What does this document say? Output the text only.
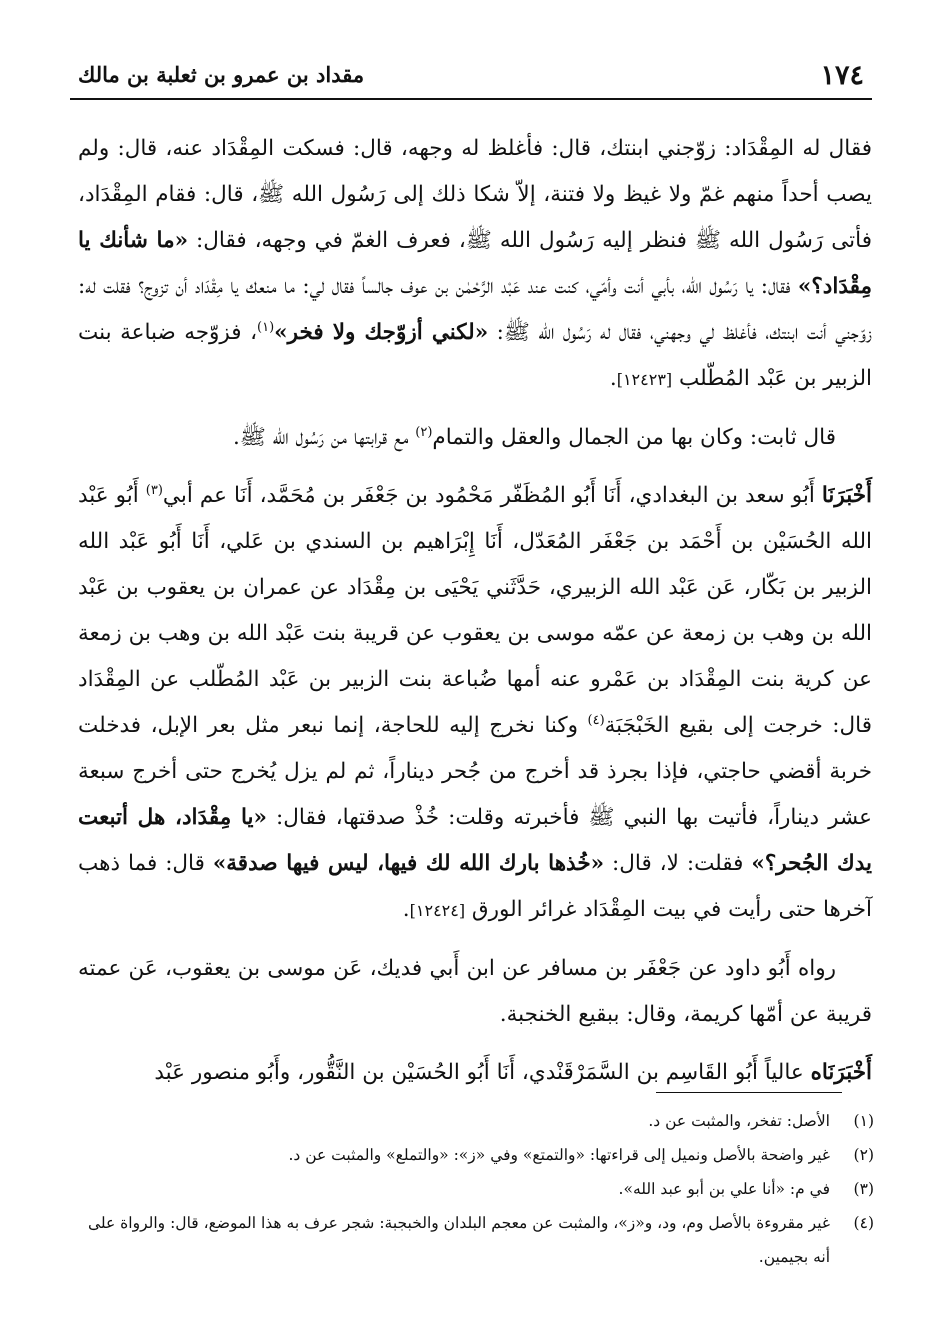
١٧٤
مقداد بن عمرو بن ثعلبة بن مالك

فقال له المِقْدَاد: زوّجني ابنتك، قال: فأغلظ له وجهه، قال: فسكت المِقْدَاد عنه، قال: ولم يصب أحداً منهم غمّ ولا غيظ ولا فتنة، إلاّ شكا ذلك إلى رَسُول الله ﷺ، قال: فقام المِقْدَاد، فأتى رَسُول الله ﷺ فنظر إليه رَسُول الله ﷺ، فعرف الغمّ في وجهه، فقال: «ما شأنك يا مِقْدَاد؟» فقال: يا رَسُول الله، بأبي أنت وأمّي، كنت عند عَبْد الرَّحْمٰن بن عوف جالساً فقال لي: ما منعك يا مِقْدَاد أن تزوج؟ فقلت له: زوّجني أنت ابنتك، فأغلظ لي وجهني، فقال له رَسُول الله ﷺ: «لكني أزوّجك ولا فخر»$^{(١)}$، فزوّجه ضباعة بنت الزبير بن عَبْد المُطّلب [١٢٤٢٣].

قال ثابت: وكان بها من الجمال والعقل والتمام$^{(٢)}$ مع قرابتها من رَسُول الله ﷺ.

أَخْبَرَنَا أَبُو سعد بن البغدادي، أَنَا أَبُو المُظَفّر مَحْمُود بن جَعْفَر بن مُحَمَّد، أَنَا عم أبي$^{(٣)}$ أَبُو عَبْد الله الحُسَيْن بن أَحْمَد بن جَعْفَر المُعَدّل، أَنَا إِبْرَاهيم بن السندي بن عَلي، أَنَا أَبُو عَبْد الله الزبير بن بَكّار، عَن عَبْد الله الزبيري، حَدَّثَني يَحْيَى بن مِقْدَاد عن عمران بن يعقوب بن عَبْد الله بن وهب بن زمعة عن عمّه موسى بن يعقوب عن قريبة بنت عَبْد الله بن وهب بن زمعة عن كرية بنت المِقْدَاد بن عَمْرو عنه أمها ضُباعة بنت الزبير بن عَبْد المُطّلب عن المِقْدَاد قال: خرجت إلى بقيع الخَبْجَبَة$^{(٤)}$ وكنا نخرج إليه للحاجة، إنما نبعر مثل بعر الإبل، فدخلت خربة أقضي حاجتي، فإذا بجرذ قد أخرج من جُحر ديناراً، ثم لم يزل يُخرج حتى أخرج سبعة عشر ديناراً، فأتيت بها النبي ﷺ فأخبرته وقلت: خُذْ صدقتها، فقال: «يا مِقْدَاد، هل أتبعت يدك الجُحر؟» فقلت: لا، قال: «خُذها بارك الله لك فيها، ليس فيها صدقة» قال: فما ذهب آخرها حتى رأيت في بيت المِقْدَاد غرائر الورق [١٢٤٢٤].

رواه أَبُو داود عن جَعْفَر بن مسافر عن ابن أَبي فديك، عَن موسى بن يعقوب، عَن عمته قريبة عن أمّها كريمة، وقال: ببقيع الخنجبة.

أَخْبَرَنَاه عالياً أَبُو القَاسِم بن السَّمَرْقَنْدي، أَنَا أَبُو الحُسَيْن بن النَّقُّور، وأَبُو منصور عَبْد

(١)
الأصل: تفخر، والمثبت عن د.

(٢)
غير واضحة بالأصل ونميل إلى قراءتها: «والتمتع» وفي «ز»: «والتملع» والمثبت عن د.

(٣)
في م: «أنا علي بن أبو عبد الله».

(٤)
غير مقروءة بالأصل وم، ود، و«ز»، والمثبت عن معجم البلدان والخبجبة: شجر عرف به هذا الموضع، قال: والرواة على أنه بجيمين.
